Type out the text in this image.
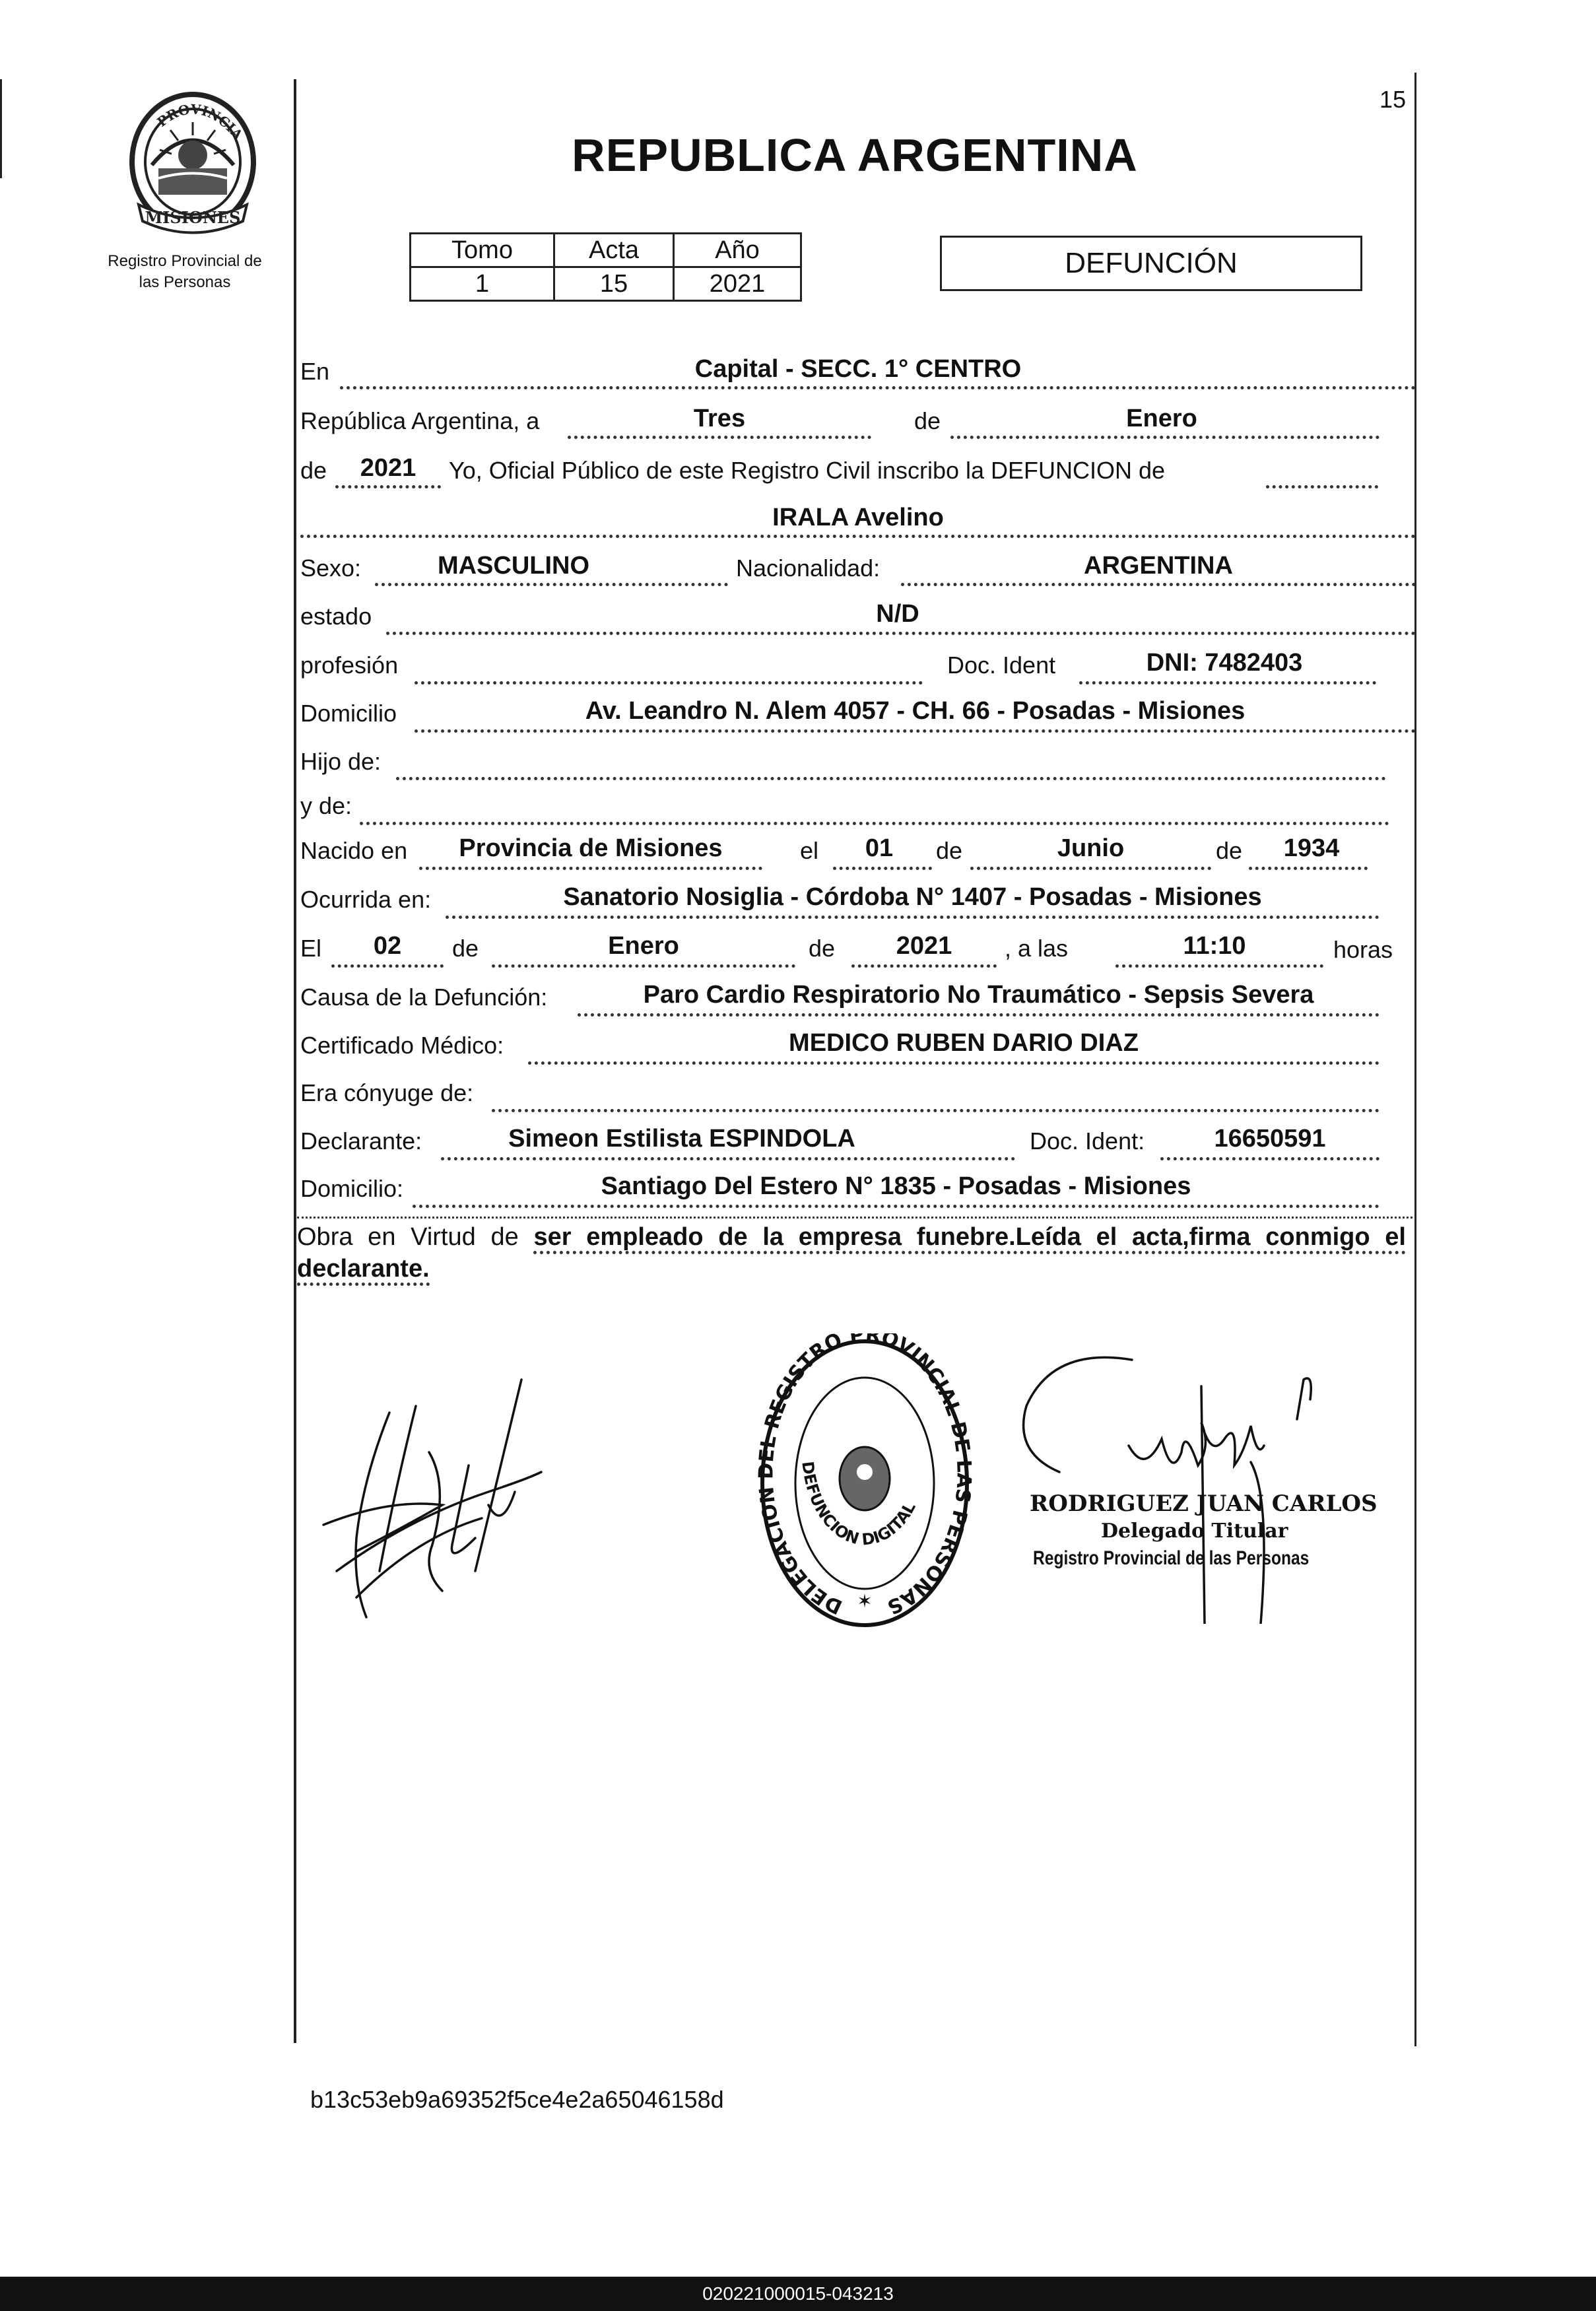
15
PROVINCIA
MISIONES
Registro Provincial de
las Personas
REPUBLICA ARGENTINA
Tomo	Acta	Año
1	15	2021
DEFUNCIÓN
En	Capital - SECC. 1° CENTRO
República Argentina, a	Tres	de	Enero
de	2021	Yo, Oficial Público de este Registro Civil inscribo la DEFUNCION de
IRALA Avelino
Sexo:	MASCULINO	Nacionalidad:	ARGENTINA
estado	N/D
profesión	Doc. Ident	DNI: 7482403
Domicilio	Av. Leandro N. Alem 4057 - CH. 66 - Posadas - Misiones
Hijo de:
y de:
Nacido en	Provincia de Misiones	el	01	de	Junio	de	1934
Ocurrida en:	Sanatorio Nosiglia - Córdoba N° 1407 - Posadas - Misiones
El	02	de	Enero	de	2021	, a las	11:10	horas
Causa de la Defunción:	Paro Cardio Respiratorio No Traumático - Sepsis Severa
Certificado Médico:	MEDICO RUBEN DARIO DIAZ
Era cónyuge de:
Declarante:	Simeon Estilista ESPINDOLA	Doc. Ident:	16650591
Domicilio:	Santiago Del Estero N° 1835 - Posadas - Misiones
Obra en Virtud de ser empleado de la empresa funebre.Leída el acta,firma conmigo el declarante.
DELEGACION DEL REGISTRO PROVINCIAL DE LAS PERSONAS
DEFUNCION DIGITAL
✶
RODRIGUEZ JUAN CARLOS
Delegado Titular
Registro Provincial de las Personas
b13c53eb9a69352f5ce4e2a65046158d
020221000015-043213
